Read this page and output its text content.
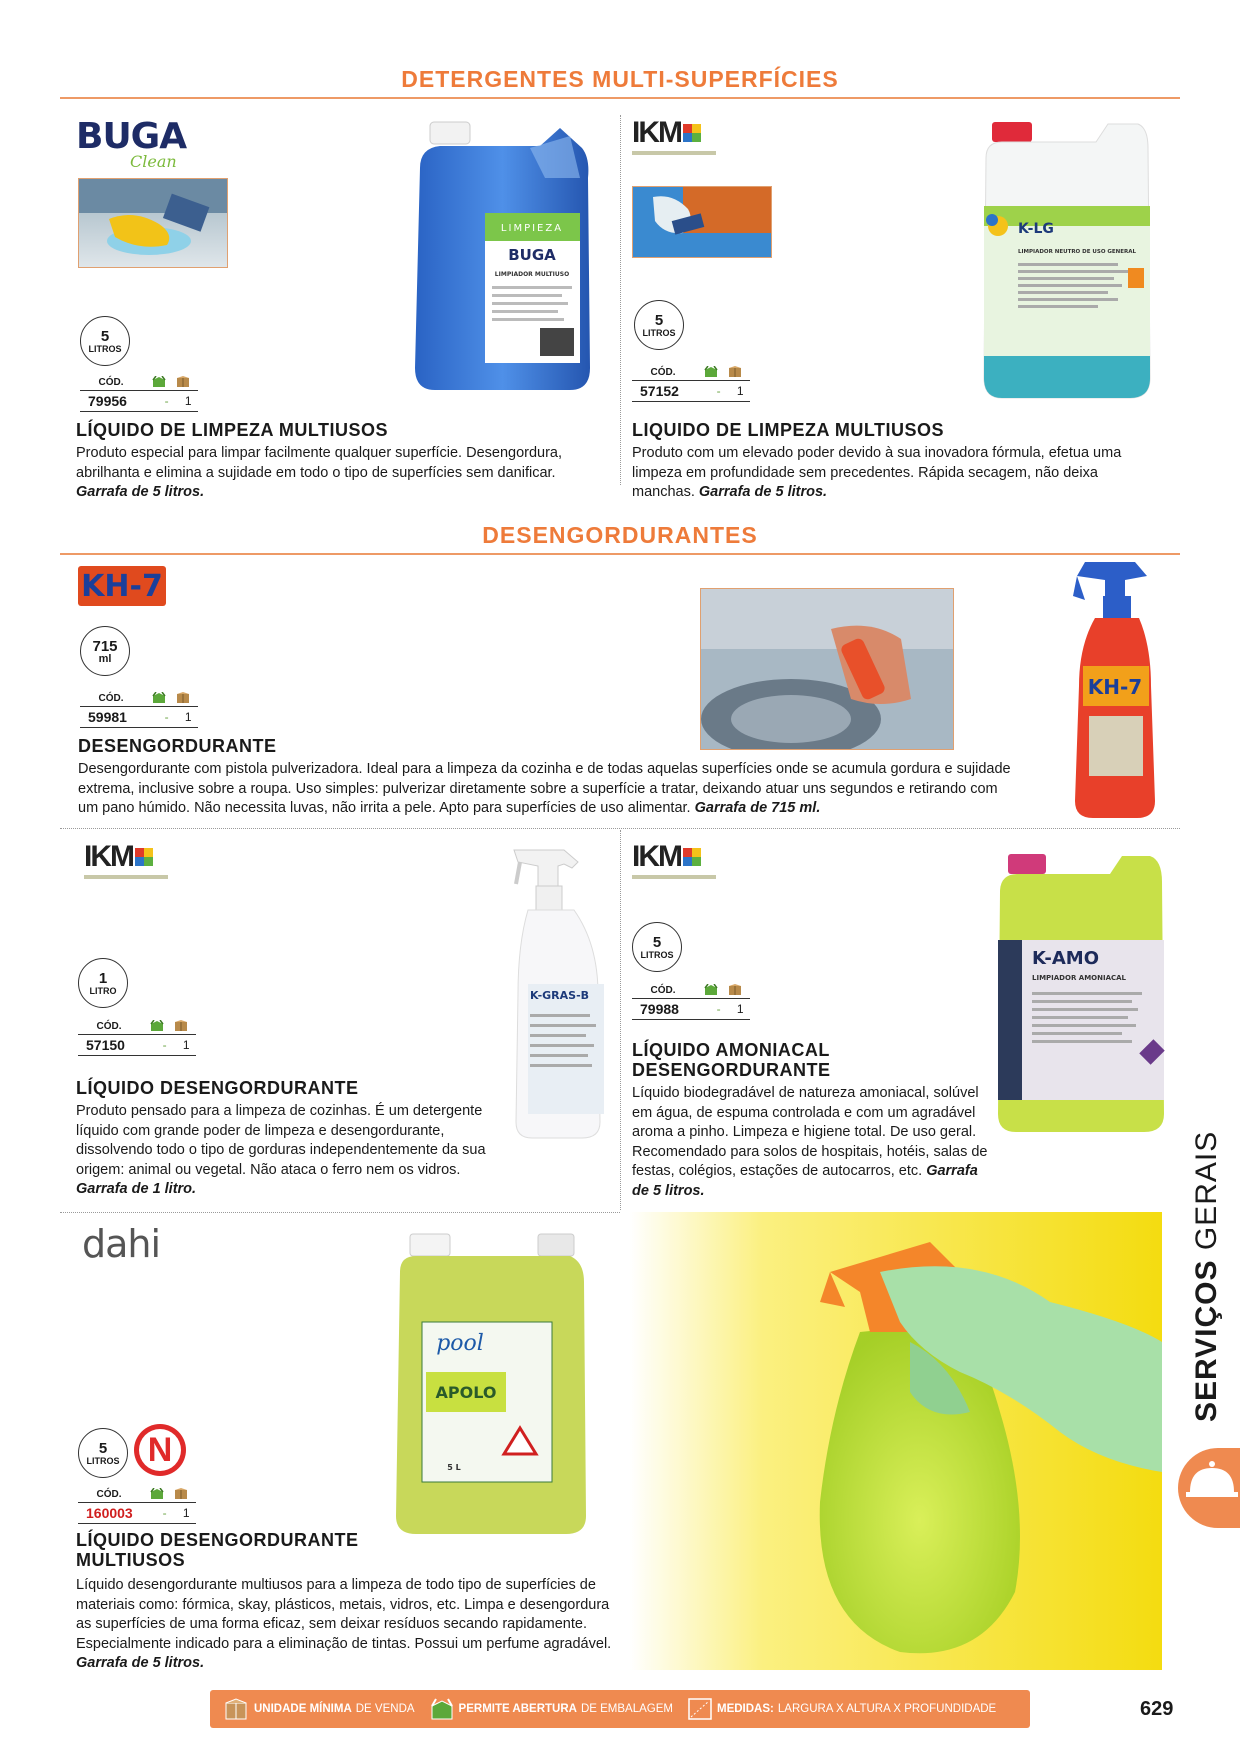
DETERGENTES MULTI-SUPERFÍCIES
BUGA
Clean
LIMPIEZA
BUGA
LIMPIADOR MULTIUSO
5
LITROS
CÓD.
79956	-	1
LÍQUIDO DE LIMPEZA MULTIUSOS
Produto especial para limpar facilmente qualquer superfície. Desengordura, abrilhanta e elimina a sujidade em todo o tipo de superfícies sem danificar. Garrafa de 5 litros.
IKM
K-LG
LIMPIADOR NEUTRO DE USO GENERAL
5
LITROS
CÓD.
57152	-	1
LIQUIDO DE LIMPEZA MULTIUSOS
Produto com um elevado poder devido à sua inovadora fórmula, efetua uma limpeza em profundidade sem precedentes. Rápida secagem, não deixa manchas. Garrafa de 5 litros.
DESENGORDURANTES
KH-7
715
ml
CÓD.
59981	-	1
KH-7
DESENGORDURANTE
Desengordurante com pistola pulverizadora. Ideal para a limpeza da cozinha e de todas aquelas superfícies onde se acumula gordura e sujidade extrema, inclusive sobre a roupa. Uso simples: pulverizar diretamente sobre a superfície a tratar, deixando atuar uns segundos e retirando com um pano húmido. Não necessita luvas, não irrita a pele. Apto para superfícies de uso alimentar. Garrafa de 715 ml.
IKM
K-GRAS-B
1
LITRO
CÓD.
57150	-	1
LÍQUIDO DESENGORDURANTE
Produto pensado para a limpeza de cozinhas. É um detergente líquido com grande poder de limpeza e desengordurante, dissolvendo todo o tipo de gorduras independentemente da sua origem: animal ou vegetal. Não ataca o ferro nem os vidros. Garrafa de 1 litro.
IKM
5
LITROS
CÓD.
79988	-	1
K-AMO
LIMPIADOR AMONIACAL
LÍQUIDO AMONIACAL DESENGORDURANTE
Líquido biodegradável de natureza amoniacal, solúvel em água, de espuma controlada e com um agradável aroma a pinho. Limpeza e higiene total. De uso geral. Recomendado para solos de hospitais, hotéis, salas de festas, colégios, estações de autocarros, etc. Garrafa de 5 litros.
dahi
pool
APOLO
5 L
5
LITROS N
CÓD.
160003	-	1
LÍQUIDO DESENGORDURANTE MULTIUSOS
Líquido desengordurante multiusos para a limpeza de todo tipo de superfícies de materiais como: fórmica, skay, plásticos, metais, vidros, etc. Limpa e desengordura as superfícies de uma forma eficaz, sem deixar resíduos secando rapidamente. Especialmente indicado para a eliminação de tintas. Possui um perfume agradável. Garrafa de 5 litros.
SERVIÇOS GERAIS
UNIDADE MÍNIMA DE VENDA	PERMITE ABERTURA DE EMBALAGEM	MEDIDAS: LARGURA X ALTURA X PROFUNDIDADE	629
